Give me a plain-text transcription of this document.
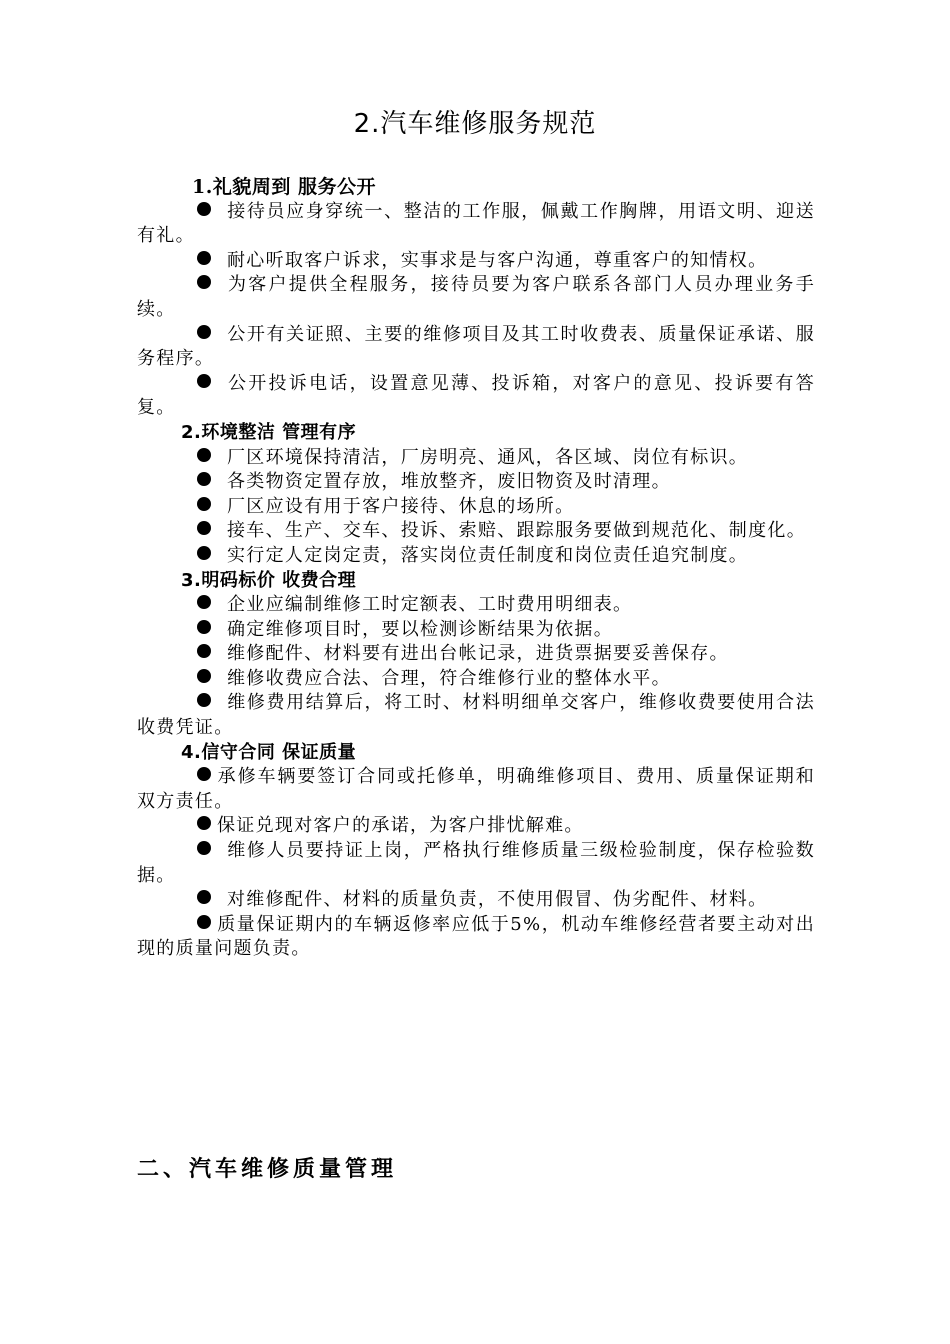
2.汽车维修服务规范
1.礼貌周到 服务公开
接待员应身穿统一、整洁的工作服，佩戴工作胸牌，用语文明、迎送有礼。
耐心听取客户诉求，实事求是与客户沟通，尊重客户的知情权。
为客户提供全程服务，接待员要为客户联系各部门人员办理业务手续。
公开有关证照、主要的维修项目及其工时收费表、质量保证承诺、服务程序。
公开投诉电话，设置意见薄、投诉箱，对客户的意见、投诉要有答复。
2.环境整洁 管理有序
厂区环境保持清洁，厂房明亮、通风，各区域、岗位有标识。
各类物资定置存放，堆放整齐，废旧物资及时清理。
厂区应设有用于客户接待、休息的场所。
接车、生产、交车、投诉、索赔、跟踪服务要做到规范化、制度化。
实行定人定岗定责，落实岗位责任制度和岗位责任追究制度。
3.明码标价 收费合理
企业应编制维修工时定额表、工时费用明细表。
确定维修项目时，要以检测诊断结果为依据。
维修配件、材料要有进出台帐记录，进货票据要妥善保存。
维修收费应合法、合理，符合维修行业的整体水平。
维修费用结算后，将工时、材料明细单交客户，维修收费要使用合法收费凭证。
4.信守合同 保证质量
承修车辆要签订合同或托修单，明确维修项目、费用、质量保证期和双方责任。
保证兑现对客户的承诺，为客户排忧解难。
维修人员要持证上岗，严格执行维修质量三级检验制度，保存检验数据。
对维修配件、材料的质量负责，不使用假冒、伪劣配件、材料。
质量保证期内的车辆返修率应低于5%，机动车维修经营者要主动对出现的质量问题负责。
二、汽车维修质量管理
